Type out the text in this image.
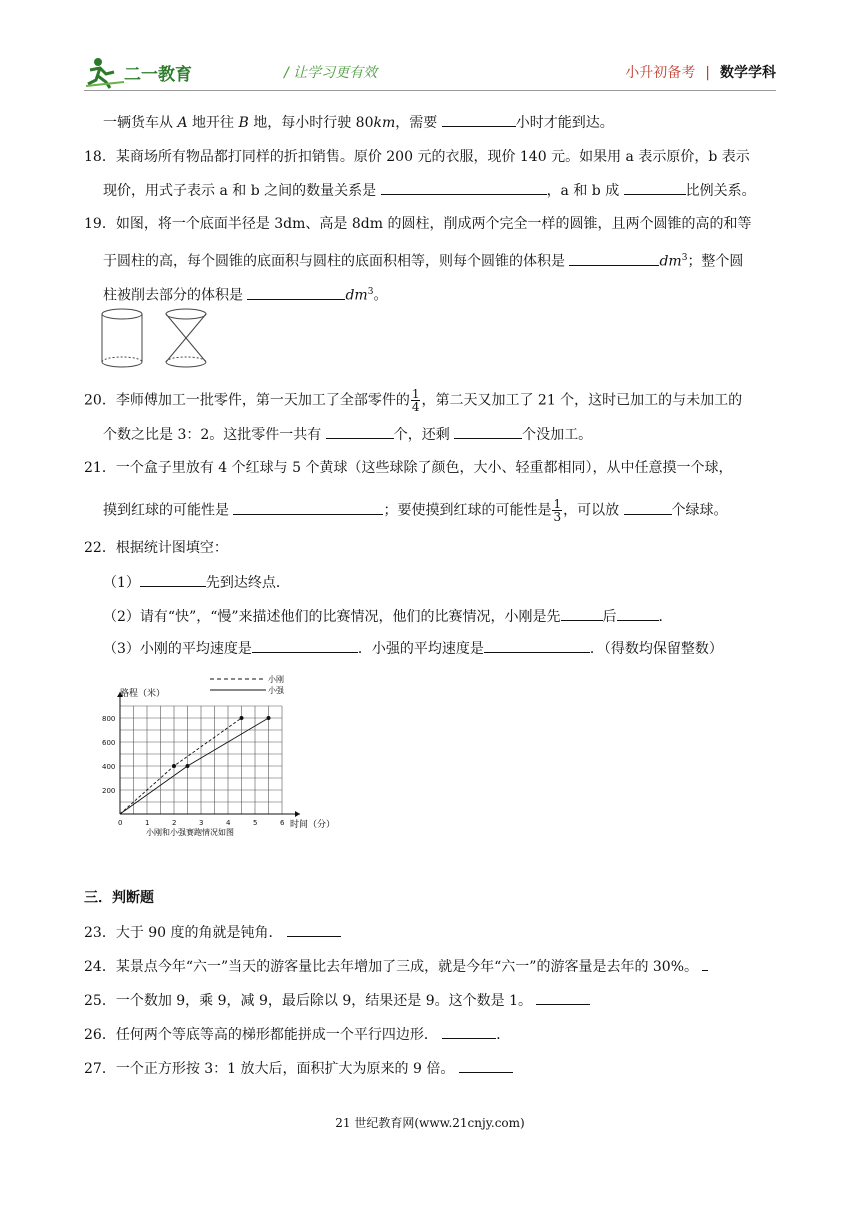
二一教育	/ 让学习更有效	小升初备考 | 数学学科
一辆货车从 A 地开往 B 地，每小时行驶 80km，需要	小时才能到达。
18．某商场所有物品都打同样的折扣销售。原价 200 元的衣服，现价 140 元。如果用 a 表示原价，b 表示
现价，用式子表示 a 和 b 之间的数量关系是	，a 和 b 成	比例关系。
19．如图，将一个底面半径是 3dm、高是 8dm 的圆柱，削成两个完全一样的圆锥，且两个圆锥的高的和等
于圆柱的高，每个圆锥的底面积与圆柱的底面积相等，则每个圆锥的体积是	$dm^3$；整个圆
柱被削去部分的体积是	$dm^3$。
20．李师傅加工一批零件，第一天加工了全部零件的 $\frac{1}{4}$ ，第二天又加工了 21 个，这时已加工的与未加工的
个数之比是 3：2。这批零件一共有	个，还剩	个没加工。
21．一个盒子里放有 4 个红球与 5 个黄球（这些球除了颜色，大小、轻重都相同），从中任意摸一个球，
摸到红球的可能性是	；要使摸到红球的可能性是 $\frac{1}{3}$ ，可以放	个绿球。
22．根据统计图填空：
（1）	先到达终点．
（2）请有“快”，“慢”来描述他们的比赛情况，他们的比赛情况，小刚是先	后	．
（3）小刚的平均速度是	．小强的平均速度是	．（得数均保留整数）
0	1	2	3	4	5	6
200
400
600
800
小刚
小强
路程（米）
时间（分）
小刚和小强赛跑情况如图
三．判断题
23．大于 90 度的角就是钝角．
24．某景点今年“六一”当天的游客量比去年增加了三成，就是今年“六一”的游客量是去年的 30%。
25．一个数加 9，乘 9，减 9，最后除以 9，结果还是 9。这个数是 1。
26．任何两个等底等高的梯形都能拼成一个平行四边形．	．
27．一个正方形按 3：1 放大后，面积扩大为原来的 9 倍。
21 世纪教育网(www.21cnjy.com)
